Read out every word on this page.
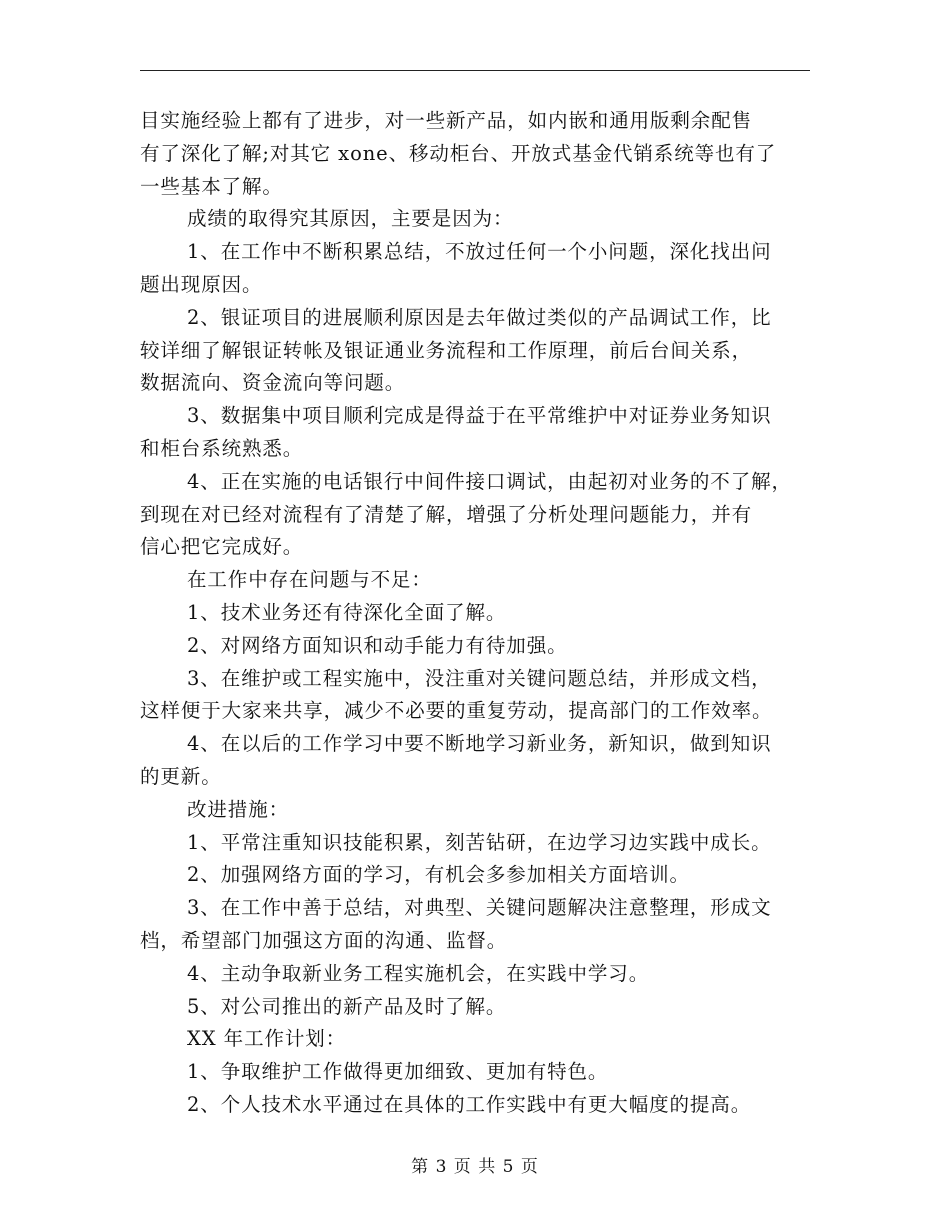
目实施经验上都有了进步，对一些新产品，如内嵌和通用版剩余配售
有了深化了解;对其它 xone、移动柜台、开放式基金代销系统等也有了
一些基本了解。
成绩的取得究其原因，主要是因为：
1、在工作中不断积累总结，不放过任何一个小问题，深化找出问
题出现原因。
2、银证项目的进展顺利原因是去年做过类似的产品调试工作，比
较详细了解银证转帐及银证通业务流程和工作原理，前后台间关系，
数据流向、资金流向等问题。
3、数据集中项目顺利完成是得益于在平常维护中对证券业务知识
和柜台系统熟悉。
4、正在实施的电话银行中间件接口调试，由起初对业务的不了解，
到现在对已经对流程有了清楚了解，增强了分析处理问题能力，并有
信心把它完成好。
在工作中存在问题与不足：
1、技术业务还有待深化全面了解。
2、对网络方面知识和动手能力有待加强。
3、在维护或工程实施中，没注重对关键问题总结，并形成文档，
这样便于大家来共享，减少不必要的重复劳动，提高部门的工作效率。
4、在以后的工作学习中要不断地学习新业务，新知识，做到知识
的更新。
改进措施：
1、平常注重知识技能积累，刻苦钻研，在边学习边实践中成长。
2、加强网络方面的学习，有机会多参加相关方面培训。
3、在工作中善于总结，对典型、关键问题解决注意整理，形成文
档，希望部门加强这方面的沟通、监督。
4、主动争取新业务工程实施机会，在实践中学习。
5、对公司推出的新产品及时了解。
XX 年工作计划：
1、争取维护工作做得更加细致、更加有特色。
2、个人技术水平通过在具体的工作实践中有更大幅度的提高。
第 3 页 共 5 页
